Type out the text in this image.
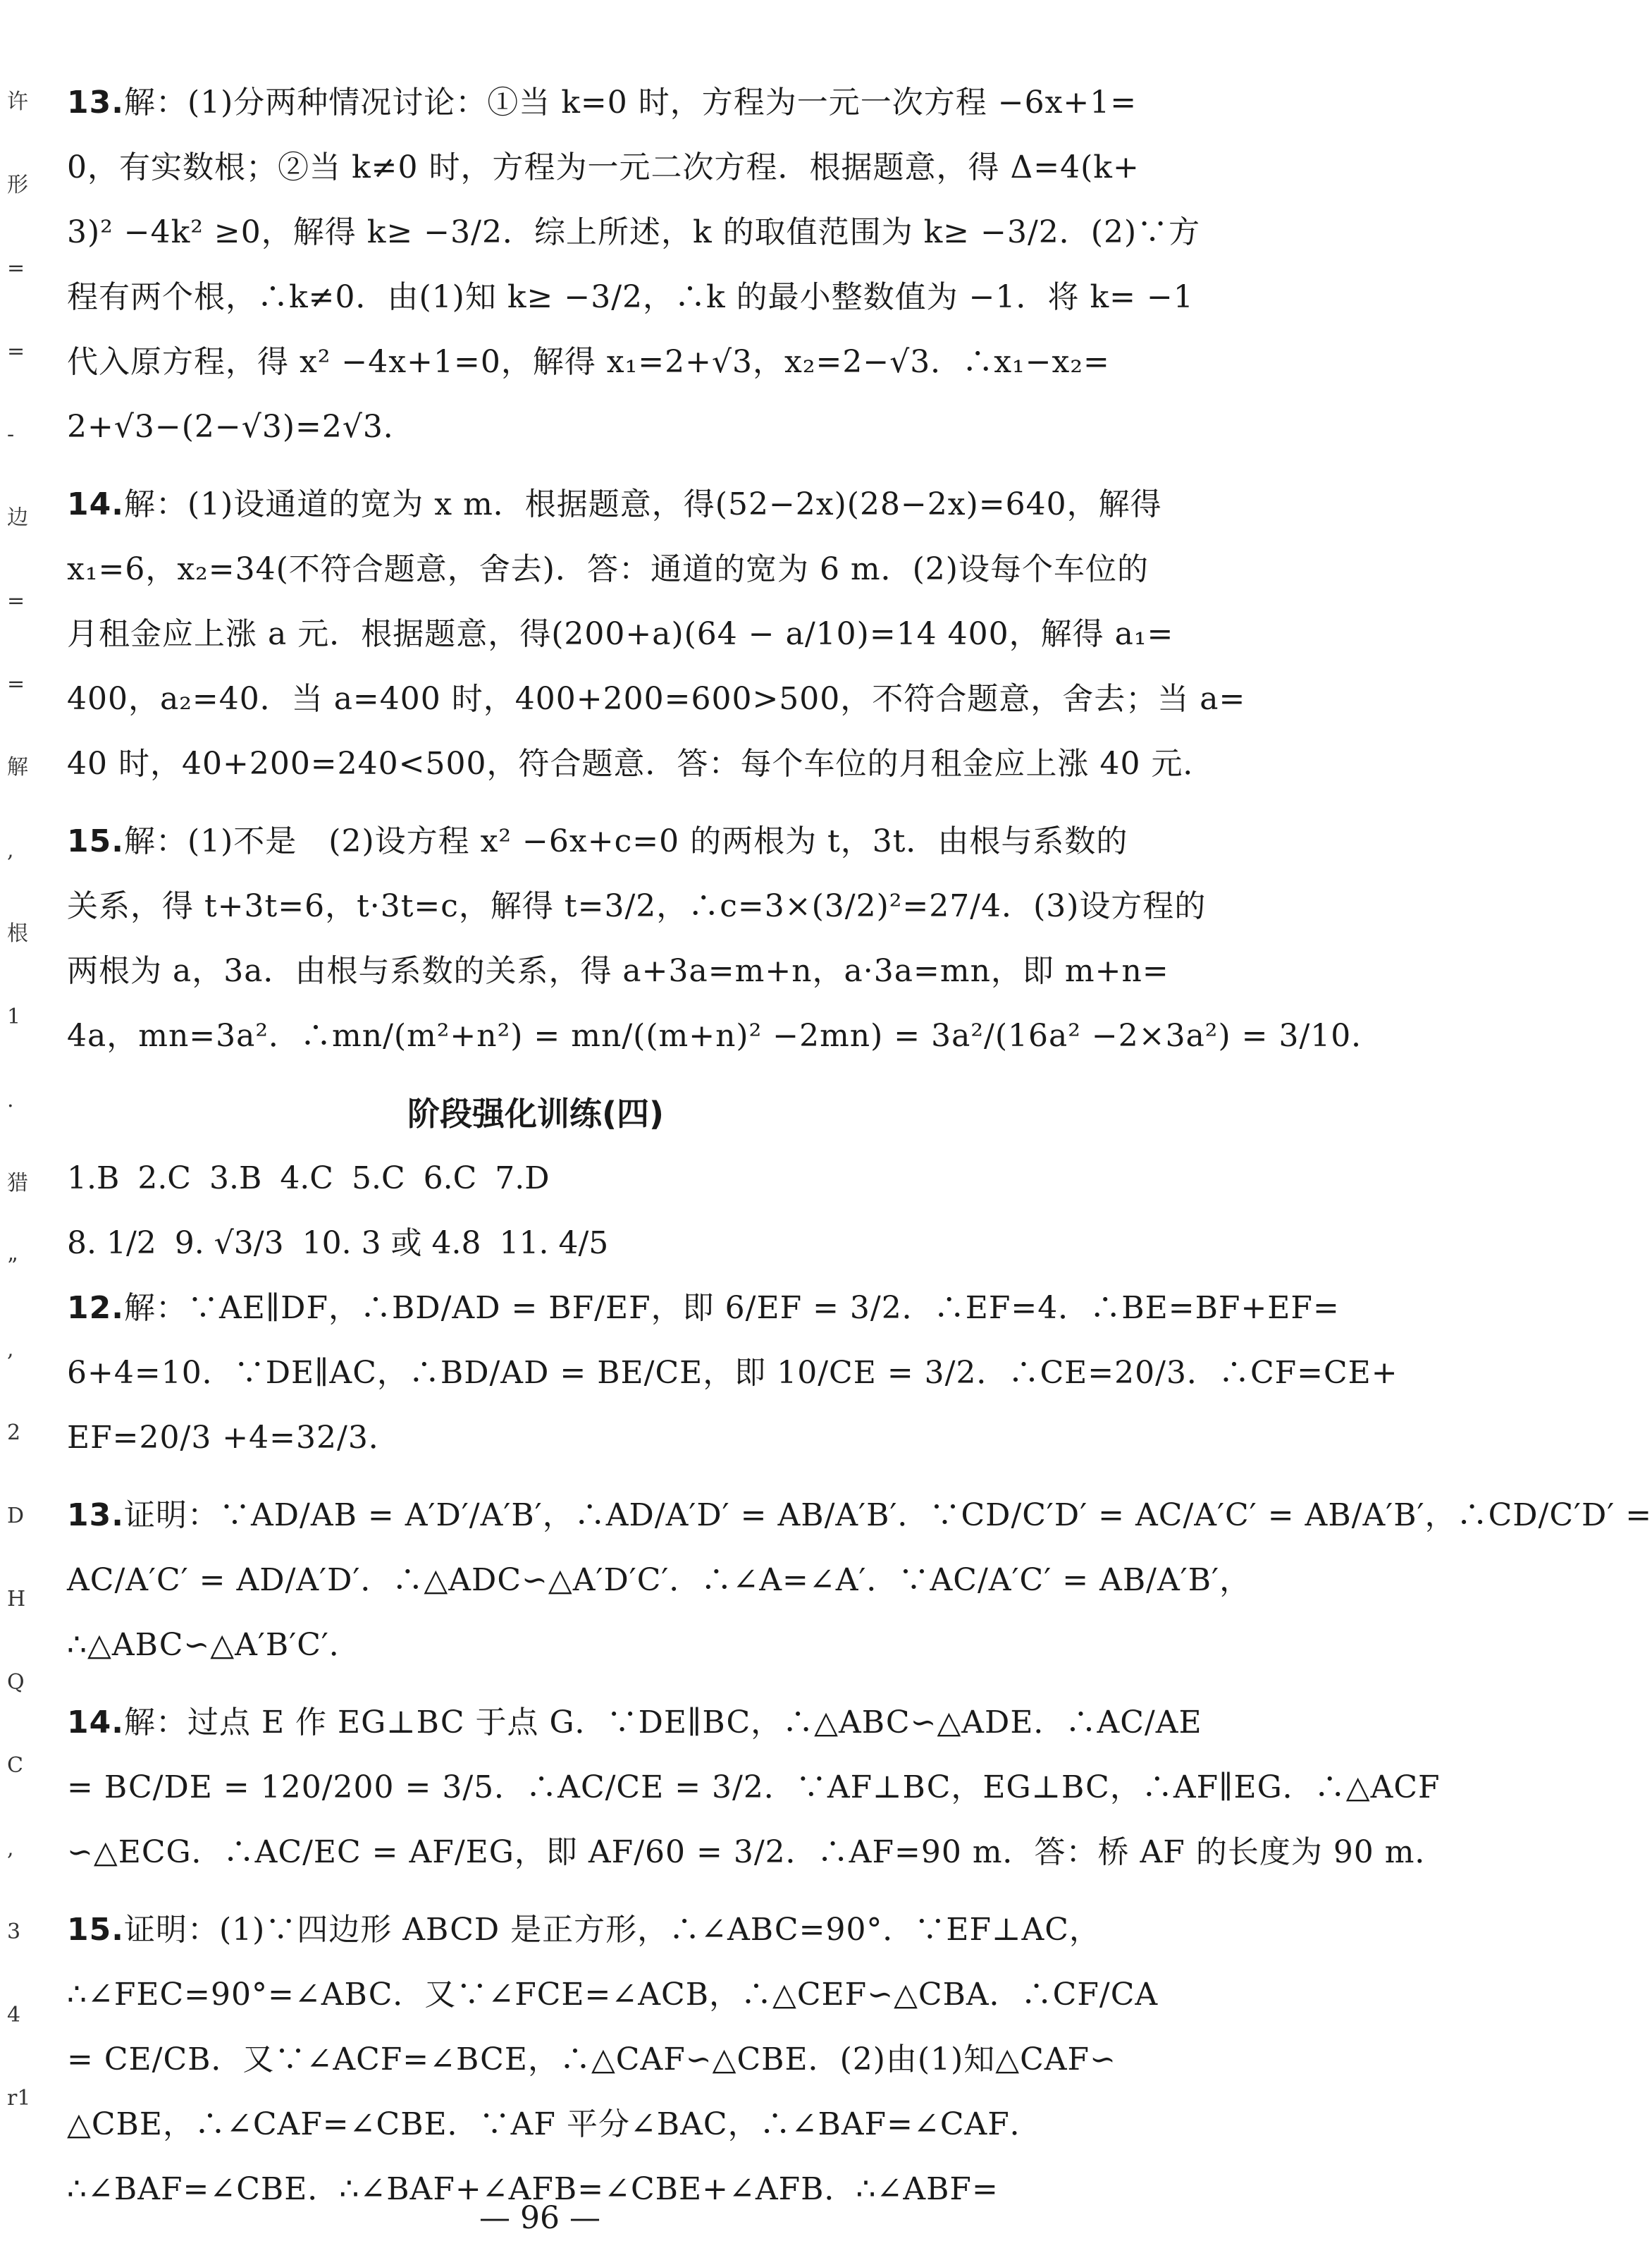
许
形
=
=
-
边
=
=
解
,
根
1
.
猎
”
,
2
D
H
Q
C
,
3
4
r1
13.解：(1)分两种情况讨论：①当 k=0 时，方程为一元一次方程 −6x+1=
0，有实数根；②当 k≠0 时，方程为一元二次方程．根据题意，得 Δ=4(k+
3)² −4k² ≥0，解得 k≥ −3/2．综上所述，k 的取值范围为 k≥ −3/2．(2)∵方
程有两个根，∴k≠0．由(1)知 k≥ −3/2，∴k 的最小整数值为 −1．将 k= −1
代入原方程，得 x² −4x+1=0，解得 x₁=2+√3，x₂=2−√3．∴x₁−x₂=
2+√3−(2−√3)=2√3．
14.解：(1)设通道的宽为 x m．根据题意，得(52−2x)(28−2x)=640，解得
x₁=6，x₂=34(不符合题意，舍去)．答：通道的宽为 6 m．(2)设每个车位的
月租金应上涨 a 元．根据题意，得(200+a)(64 − a/10)=14 400，解得 a₁=
400，a₂=40．当 a=400 时，400+200=600>500，不符合题意，舍去；当 a=
40 时，40+200=240<500，符合题意．答：每个车位的月租金应上涨 40 元．
15.解：(1)不是　(2)设方程 x² −6x+c=0 的两根为 t，3t．由根与系数的
关系，得 t+3t=6，t·3t=c，解得 t=3/2，∴c=3×(3/2)²=27/4．(3)设方程的
两根为 a，3a．由根与系数的关系，得 a+3a=m+n，a·3a=mn，即 m+n=
4a，mn=3a²．∴mn/(m²+n²) = mn/((m+n)² −2mn) = 3a²/(16a² −2×3a²) = 3/10．
阶段强化训练(四)
1.B 2.C 3.B 4.C 5.C 6.C 7.D
8. 1/2 9. √3/3 10. 3 或 4.8 11. 4/5
12.解：∵AE∥DF，∴BD/AD = BF/EF，即 6/EF = 3/2．∴EF=4．∴BE=BF+EF=
6+4=10．∵DE∥AC，∴BD/AD = BE/CE，即 10/CE = 3/2．∴CE=20/3．∴CF=CE+
EF=20/3 +4=32/3．
13.证明：∵AD/AB = A′D′/A′B′，∴AD/A′D′ = AB/A′B′．∵CD/C′D′ = AC/A′C′ = AB/A′B′，∴CD/C′D′ =
AC/A′C′ = AD/A′D′．∴△ADC∽△A′D′C′．∴∠A=∠A′．∵AC/A′C′ = AB/A′B′，
∴△ABC∽△A′B′C′．
14.解：过点 E 作 EG⊥BC 于点 G．∵DE∥BC，∴△ABC∽△ADE．∴AC/AE
= BC/DE = 120/200 = 3/5．∴AC/CE = 3/2．∵AF⊥BC，EG⊥BC，∴AF∥EG．∴△ACF
∽△ECG．∴AC/EC = AF/EG，即 AF/60 = 3/2．∴AF=90 m．答：桥 AF 的长度为 90 m．
15.证明：(1)∵四边形 ABCD 是正方形，∴∠ABC=90°．∵EF⊥AC，
∴∠FEC=90°=∠ABC．又∵∠FCE=∠ACB，∴△CEF∽△CBA．∴CF/CA
= CE/CB．又∵∠ACF=∠BCE，∴△CAF∽△CBE．(2)由(1)知△CAF∽
△CBE，∴∠CAF=∠CBE．∵AF 平分∠BAC，∴∠BAF=∠CAF．
∴∠BAF=∠CBE．∴∠BAF+∠AFB=∠CBE+∠AFB．∴∠ABF=
— 96 —
